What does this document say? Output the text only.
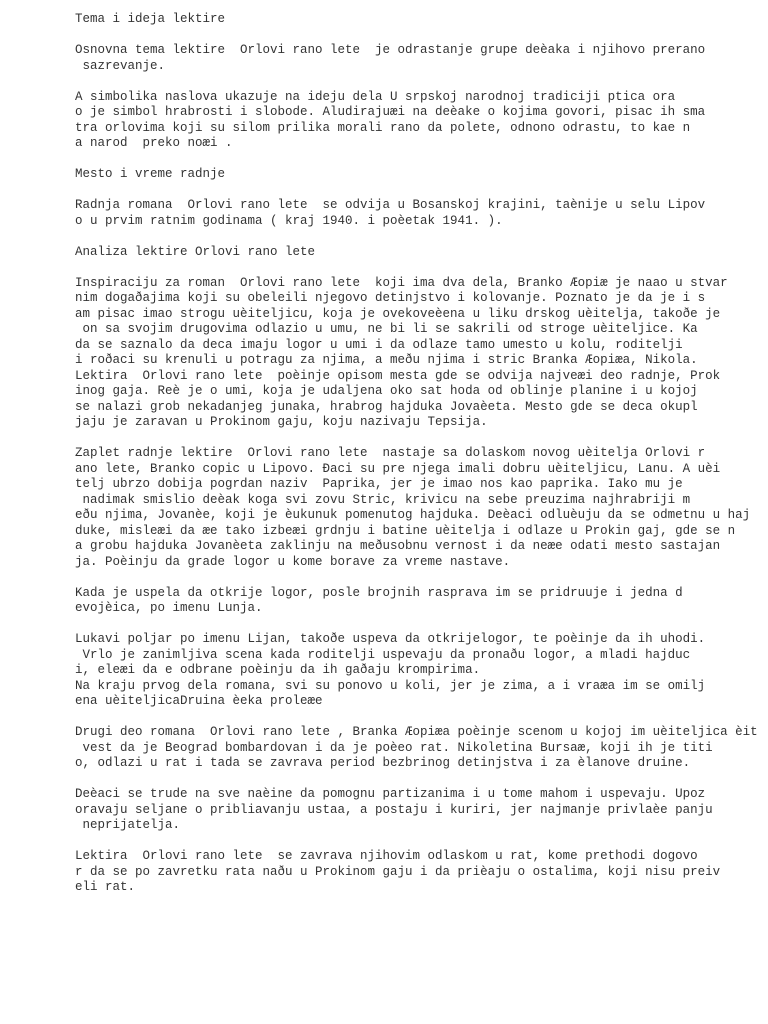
Tema i ideja lektire
Osnovna tema lektire  Orlovi rano lete  je odrastanje grupe deèaka i njihovo prerano
sazrevanje.
A simbolika naslova ukazuje na ideju dela U srpskoj narodnoj tradiciji ptica ora
o je simbol hrabrosti i slobode. Aludirajuæi na deèake o kojima govori, pisac ih sma
tra orlovima koji su silom prilika morali rano da polete, odnono odrastu, to kae n
a narod  preko noæi .
Mesto i vreme radnje
Radnja romana  Orlovi rano lete  se odvija u Bosanskoj krajini, taènije u selu Lipov
o u prvim ratnim godinama ( kraj 1940. i poèetak 1941. ).
Analiza lektire Orlovi rano lete
Inspiraciju za roman  Orlovi rano lete  koji ima dva dela, Branko Æopiæ je naao u stvar
nim dogaðajima koji su obeleili njegovo detinjstvo i kolovanje. Poznato je da je i s
am pisac imao strogu uèiteljicu, koja je ovekoveèena u liku drskog uèitelja, takoðe je
on sa svojim drugovima odlazio u umu, ne bi li se sakrili od stroge uèiteljice. Ka
da se saznalo da deca imaju logor u umi i da odlaze tamo umesto u kolu, roditelji
i roðaci su krenuli u potragu za njima, a meðu njima i stric Branka Æopiæa, Nikola.
Lektira  Orlovi rano lete  poèinje opisom mesta gde se odvija najveæi deo radnje, Prok
inog gaja. Reè je o umi, koja je udaljena oko sat hoda od oblinje planine i u kojoj
se nalazi grob nekadanjeg junaka, hrabrog hajduka Jovaèeta. Mesto gde se deca okupl
jaju je zaravan u Prokinom gaju, koju nazivaju Tepsija.
Zaplet radnje lektire  Orlovi rano lete  nastaje sa dolaskom novog uèitelja Orlovi r
ano lete, Branko copic u Lipovo. Ðaci su pre njega imali dobru uèiteljicu, Lanu. A uèi
telj ubrzo dobija pogrdan naziv  Paprika, jer je imao nos kao paprika. Iako mu je
nadimak smislio deèak koga svi zovu Stric, krivicu na sebe preuzima najhrabriji m
eðu njima, Jovanèe, koji je èukunuk pomenutog hajduka. Deèaci odluèuju da se odmetnu u haj
duke, misleæi da æe tako izbeæi grdnju i batine uèitelja i odlaze u Prokin gaj, gde se n
a grobu hajduka Jovanèeta zaklinju na meðusobnu vernost i da neæe odati mesto sastajan
ja. Poèinju da grade logor u kome borave za vreme nastave.
Kada je uspela da otkrije logor, posle brojnih rasprava im se pridruuje i jedna d
evojèica, po imenu Lunja.
Lukavi poljar po imenu Lijan, takoðe uspeva da otkrijelogor, te poèinje da ih uhodi.
Vrlo je zanimljiva scena kada roditelji uspevaju da pronaðu logor, a mladi hajduc
i, eleæi da e odbrane poèinju da ih gaðaju krompirima.
Na kraju prvog dela romana, svi su ponovo u koli, jer je zima, a i vraæa im se omilj
ena uèiteljicaDruina èeka proleæe
Drugi deo romana  Orlovi rano lete , Branka Æopiæa poèinje scenom u kojoj im uèiteljica èit
vest da je Beograd bombardovan i da je poèeo rat. Nikoletina Bursaæ, koji ih je titi
o, odlazi u rat i tada se zavrava period bezbrinog detinjstva i za èlanove druine.
Deèaci se trude na sve naèine da pomognu partizanima i u tome mahom i uspevaju. Upoz
oravaju seljane o pribliavanju ustaa, a postaju i kuriri, jer najmanje privlaèe panju
neprijatelja.
Lektira  Orlovi rano lete  se zavrava njihovim odlaskom u rat, kome prethodi dogovo
r da se po zavretku rata naðu u Prokinom gaju i da prièaju o ostalima, koji nisu preiv
eli rat.
